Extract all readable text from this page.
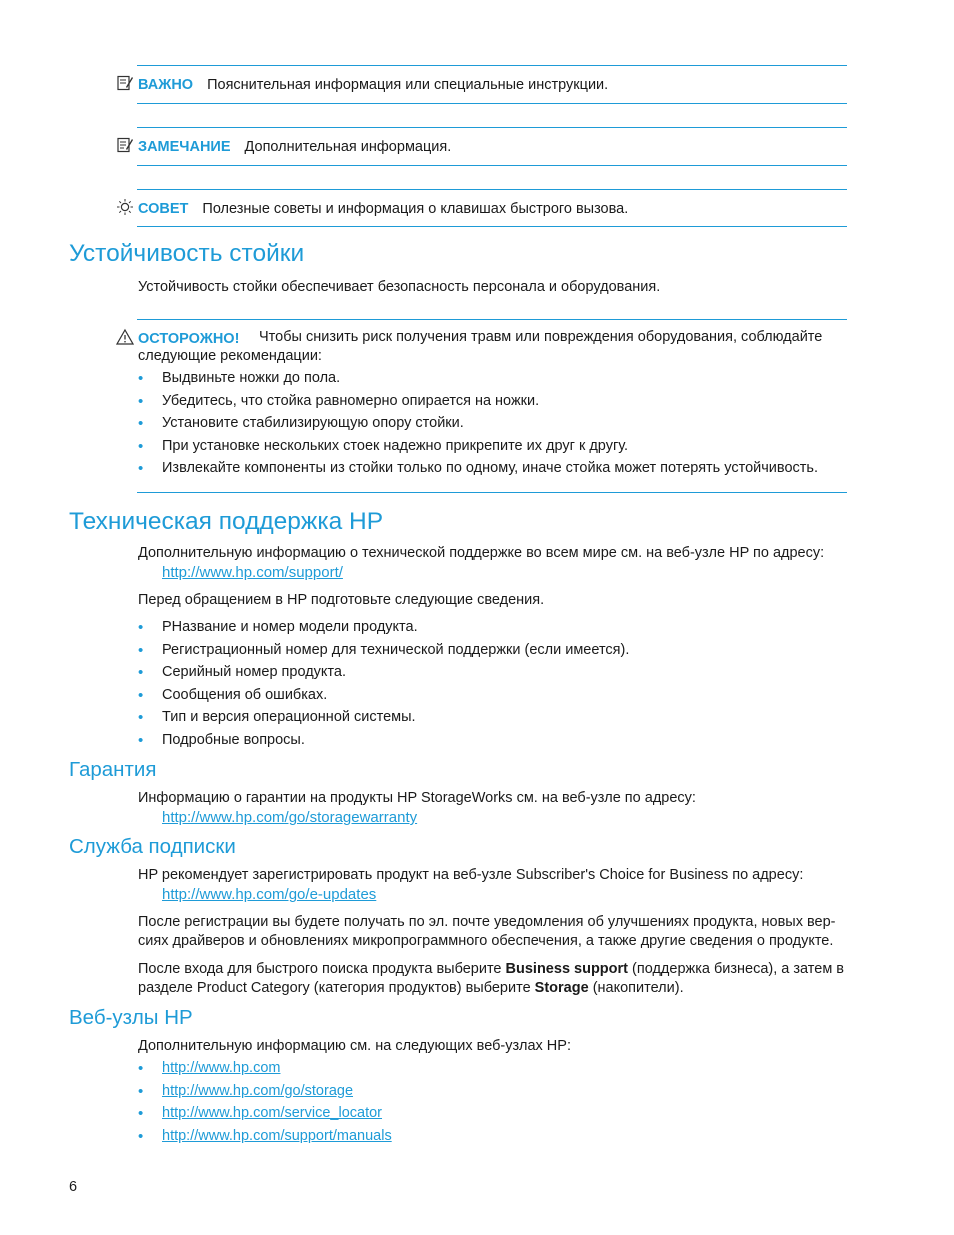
ВАЖНО Пояснительная информация или специальные инструкции.
ЗАМЕЧАНИЕ Дополнительная информация.
СОВЕТ Полезные советы и информация о клавишах быстрого вызова.
Устойчивость стойки

Устойчивость стойки обеспечивает безопасность персонала и оборудования.

ОСТОРОЖНО!	Чтобы снизить риск получения травм или повреждения оборудования, соблюдайте следующие рекомендации:

• Выдвиньте ножки до пола.
• Убедитесь, что стойка равномерно опирается на ножки.
• Установите стабилизирующую опору стойки.
• При установке нескольких стоек надежно прикрепите их друг к другу.
• Извлекайте компоненты из стойки только по одному, иначе стойка может потерять устойчивость.
Техническая поддержка HP

Дополнительную информацию о технической поддержке во всем мире см. на веб-узле HP по адресу:

http://www.hp.com/support/

Перед обращением в HP подготовьте следующие сведения.

• PНазвание и номер модели продукта.
• Регистрационный номер для технической поддержки (если имеется).
• Серийный номер продукта.
• Сообщения об ошибках.
• Тип и версия операционной системы.
• Подробные вопросы.
Гарантия

Информацию о гарантии на продукты HP StorageWorks см. на веб-узле по адресу:

http://www.hp.com/go/storagewarranty
Служба подписки

HP рекомендует зарегистрировать продукт на веб-узле Subscriber's Choice for Business по адресу:

http://www.hp.com/go/e-updates

После регистрации вы будете получать по эл. почте уведомления об улучшениях продукта, новых вер- сиях драйверов и обновлениях микропрограммного обеспечения, а также другие сведения о продукте.

После входа для быстрого поиска продукта выберите Business support (поддержка бизнеса), а затем в разделе Product Category (категория продуктов) выберите Storage (накопители).

Веб-узлы HP

Дополнительную информацию см. на следующих веб-узлах HP:

• http://www.hp.com
• http://www.hp.com/go/storage
• http://www.hp.com/service_locator
• http://www.hp.com/support/manuals
6
